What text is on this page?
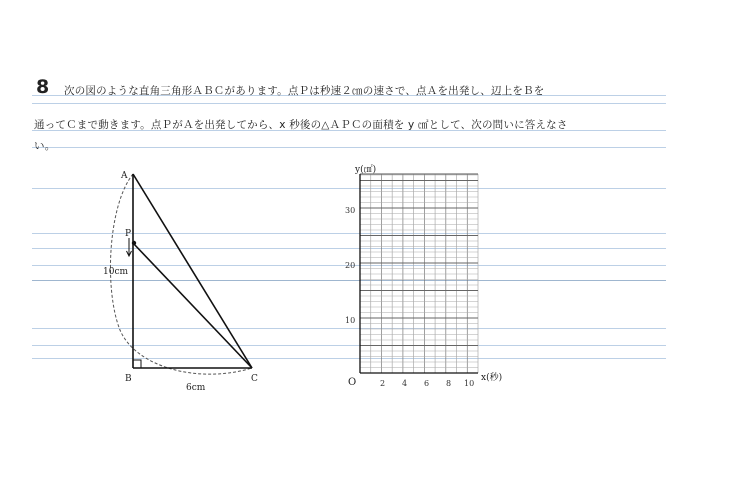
8 次の図のような直角三角形ＡＢＣがあります。点Ｐは秒速２㎝の速さで、点Ａを出発し、辺上をＢを
通ってＣまで動きます。点ＰがＡを出発してから、x 秒後の△ＡＰＣの面積を y ㎠として、次の問いに答えなさ
い。
A
P
10cm
B	C
6cm
y(㎠)
x(秒)
O	2 4 6 8 10
10
20
30
